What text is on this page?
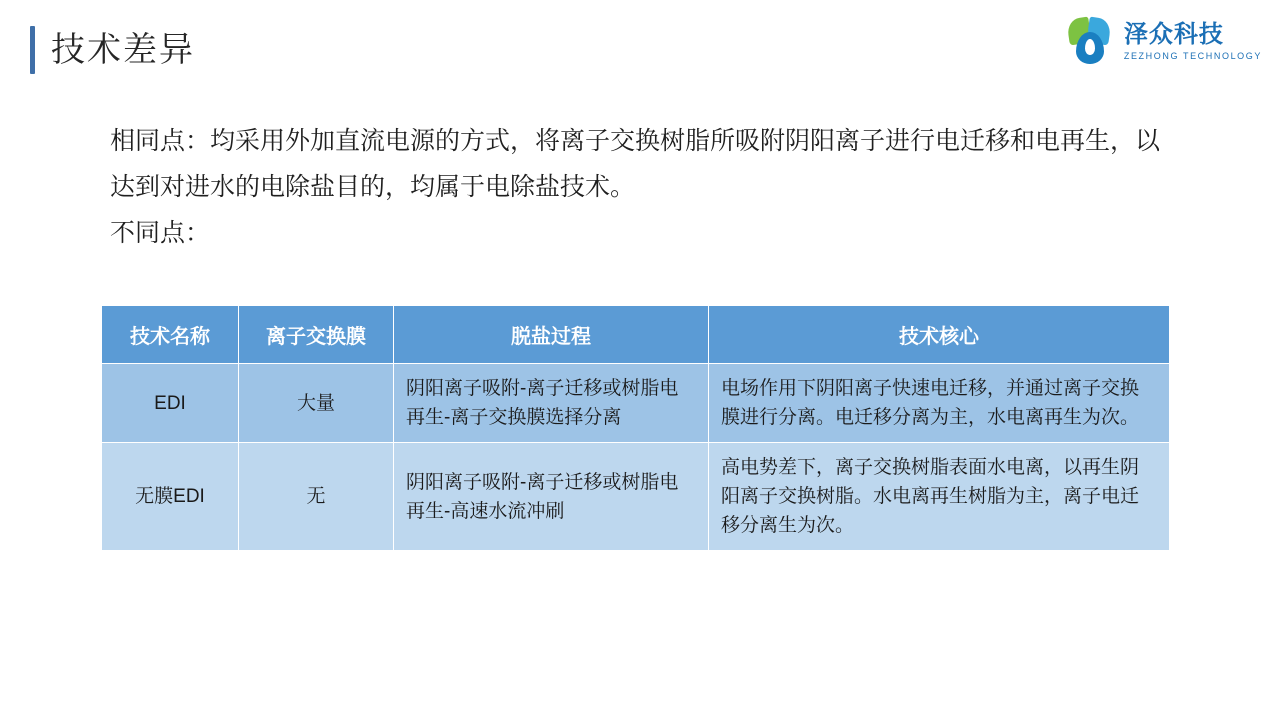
技术差异	泽众科技
ZEZHONG TECHNOLOGY

相同点：均采用外加直流电源的方式，将离子交换树脂所吸附阴阳离子进行电迁移和电再生，以达到对进水的电除盐目的，均属于电除盐技术。

不同点：

技术名称	离子交换膜	脱盐过程	技术核心
EDI	大量	阴阳离子吸附-离子迁移或树脂电再生-离子交换膜选择分离	电场作用下阴阳离子快速电迁移，并通过离子交换膜进行分离。电迁移分离为主，水电离再生为次。
无膜EDI	无	阴阳离子吸附-离子迁移或树脂电再生-高速水流冲刷	高电势差下，离子交换树脂表面水电离，以再生阴阳离子交换树脂。水电离再生树脂为主，离子电迁移分离生为次。
